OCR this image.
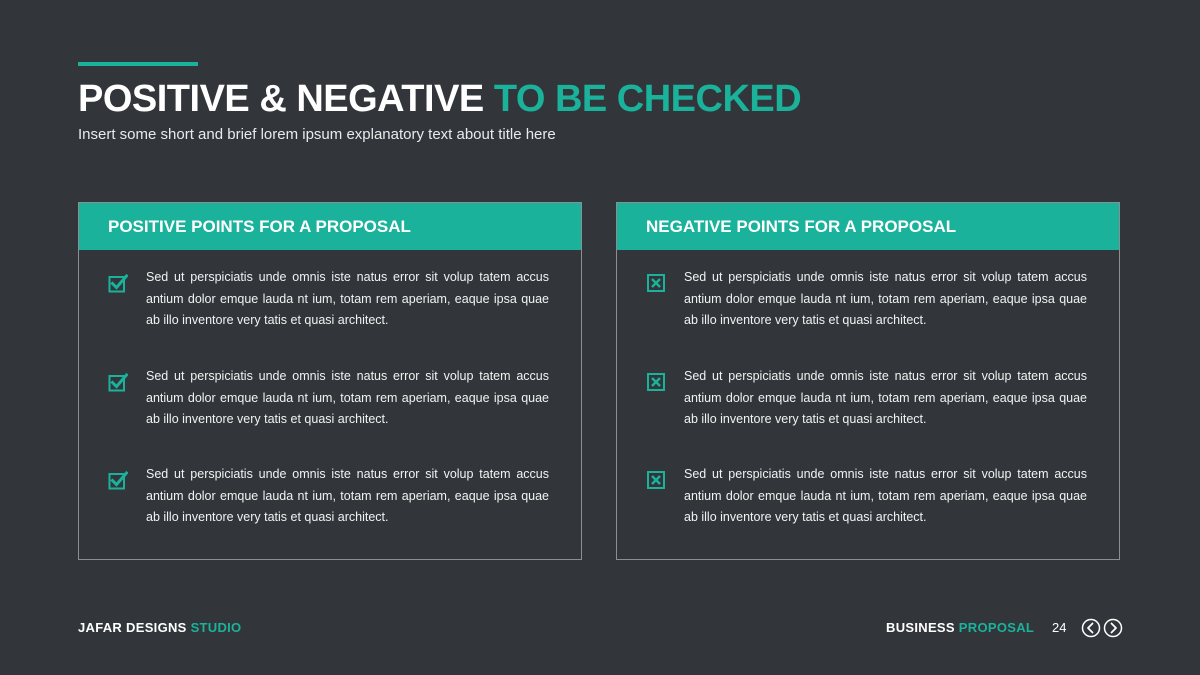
POSITIVE & NEGATIVE TO BE CHECKED
Insert some short and brief lorem ipsum explanatory text about title here
POSITIVE POINTS FOR A PROPOSAL
Sed ut perspiciatis unde omnis iste natus error sit volup tatem accus antium dolor emque lauda nt ium, totam rem aperiam, eaque ipsa quae ab illo inventore very tatis et quasi architect.
Sed ut perspiciatis unde omnis iste natus error sit volup tatem accus antium dolor emque lauda nt ium, totam rem aperiam, eaque ipsa quae ab illo inventore very tatis et quasi architect.
Sed ut perspiciatis unde omnis iste natus error sit volup tatem accus antium dolor emque lauda nt ium, totam rem aperiam, eaque ipsa quae ab illo inventore very tatis et quasi architect.
NEGATIVE POINTS FOR A PROPOSAL
Sed ut perspiciatis unde omnis iste natus error sit volup tatem accus antium dolor emque lauda nt ium, totam rem aperiam, eaque ipsa quae ab illo inventore very tatis et quasi architect.
Sed ut perspiciatis unde omnis iste natus error sit volup tatem accus antium dolor emque lauda nt ium, totam rem aperiam, eaque ipsa quae ab illo inventore very tatis et quasi architect.
Sed ut perspiciatis unde omnis iste natus error sit volup tatem accus antium dolor emque lauda nt ium, totam rem aperiam, eaque ipsa quae ab illo inventore very tatis et quasi architect.
JAFAR DESIGNS STUDIO	BUSINESS PROPOSAL 24
